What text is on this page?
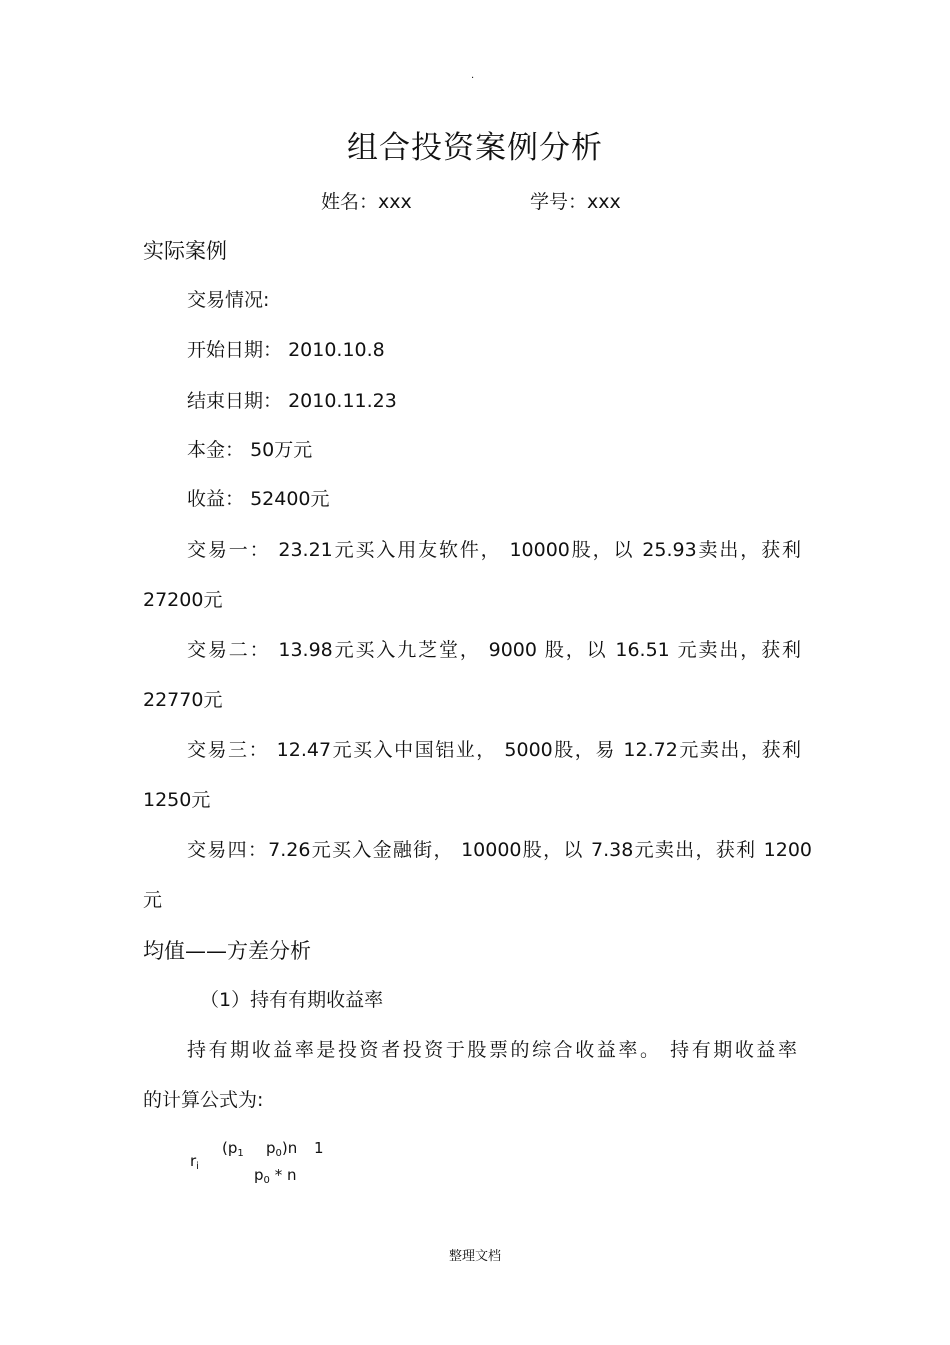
.
组合投资案例分析
姓名：xxx	学号：xxx
实际案例
交易情况:
开始日期： 2010.10.8
结束日期： 2010.11.23
本金： 50万元
收益： 52400元
交易一： 23.21元买入用友软件， 10000股，以 25.93卖出，获利
27200元
交易二： 13.98元买入九芝堂， 9000 股，以 16.51 元卖出，获利
22770元
交易三： 12.47元买入中国铝业， 5000股，易 12.72元卖出，获利
1250元
交易四：7.26元买入金融街， 10000股，以 7.38元卖出，获利 1200
元
均值——方差分析
（1）持有有期收益率
持有期收益率是投资者投资于股票的综合收益率。 持有期收益率
的计算公式为:
$r_i$
($p_1$ $p_0)n$ 1
$p_0$ * n
整理文档
